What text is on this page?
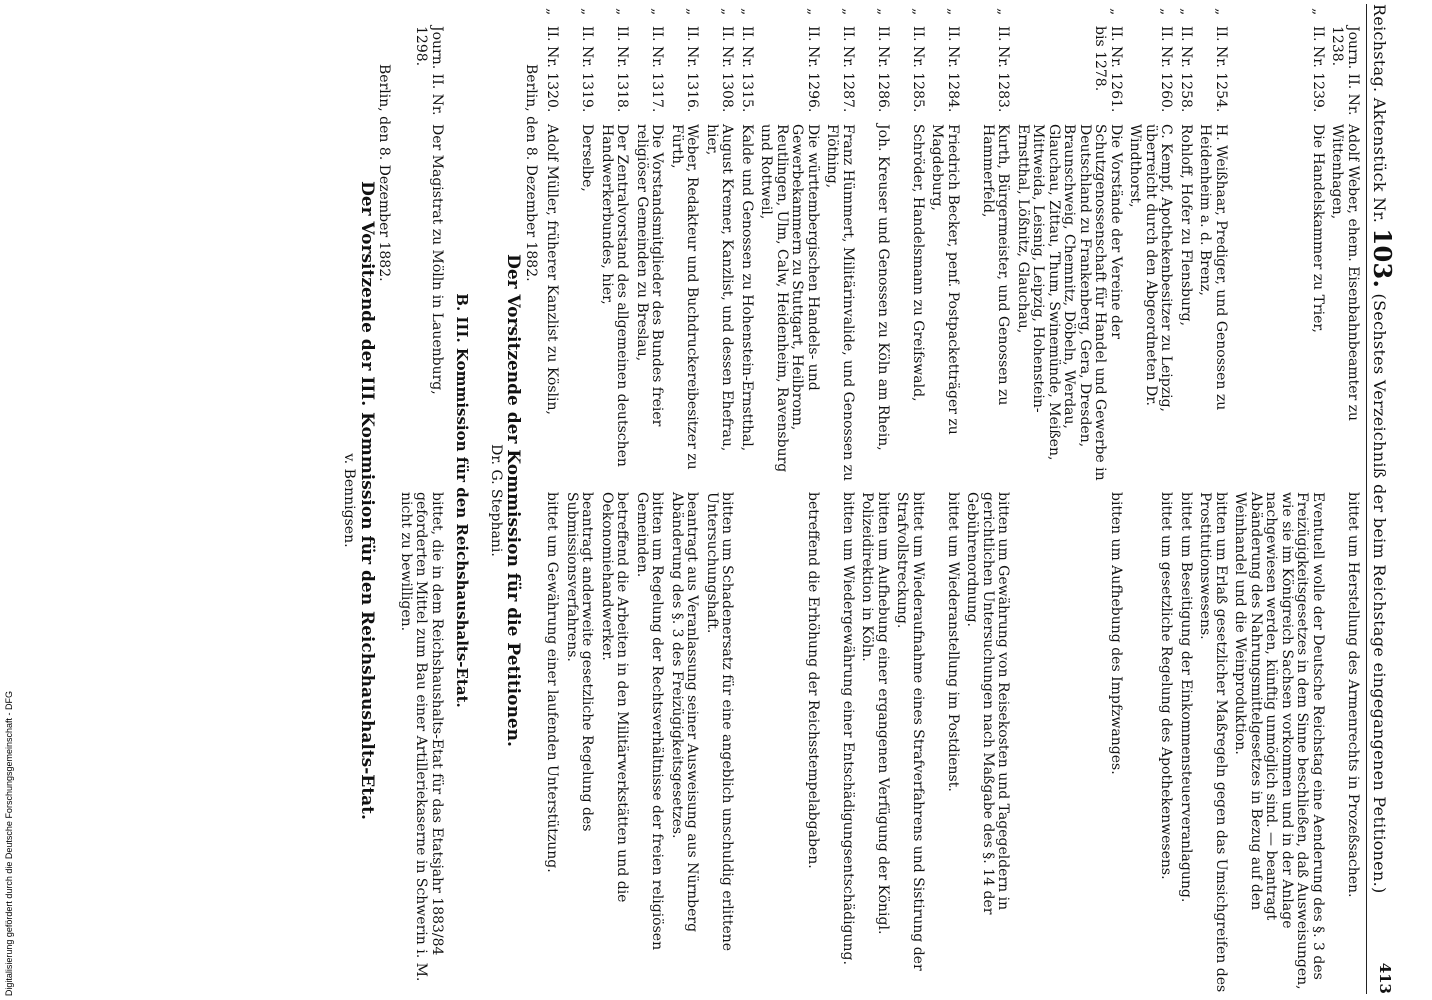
Reichstag. Aktenstück Nr. 103. (Sechstes Verzeichniß der beim Reichstage eingegangenen Petitionen.)
413
Journ. II. Nr. 1238.
Adolf Weber, ehem. Eisenbahnbeamter zu Wittenhagen,
bittet um Herstellung des Armenrechts in Prozeßsachen.
„
II. Nr. 1239.
Die Handelskammer zu Trier,
Eventuell wolle der Deutsche Reichstag eine Aenderung des §. 3 des Freizügigkeitsgesetzes in dem Sinne beschließen, daß Ausweisungen, wie sie im Königreich Sachsen vorkommen und in der Anlage nachgewiesen werden, künftig unmöglich sind. — beantragt Abänderung des Nahrungsmittelgesetzes in Bezug auf den Weinhandel und die Weinproduktion.
„
II. Nr. 1254.
H. Weißhaar, Prediger, und Genossen zu Heidenheim a. d. Brenz,
bitten um Erlaß gesetzlicher Maßregeln gegen das Umsichgreifen des Prostitutionswesens.
„
II. Nr. 1258.
Rohloff, Hofer zu Flensburg,
bittet um Beseitigung der Einkommensteuerveranlagung.
„
II. Nr. 1260.
C. Kempf, Apothekenbesitzer zu Leipzig, überreicht durch den Abgeordneten Dr. Windthorst,
bittet um gesetzliche Regelung des Apothekenwesens.
„
II. Nr. 1261. bis 1278.
Die Vorstände der Vereine der Schutzgenossenschaft für Handel und Gewerbe in Deutschland zu Frankenberg, Gera, Dresden, Braunschweig, Chemnitz, Döbeln, Werdau, Glauchau, Zittau, Thum, Swinemünde, Meißen, Mittweida, Leisnig, Leipzig, Hohenstein-Ernstthal, Lößnitz, Glauchau,
bitten um Aufhebung des Impfzwanges.
„
II. Nr. 1283.
Kurth, Bürgermeister, und Genossen zu Hammerfeld,
bitten um Gewährung von Reisekosten und Tagegeldern in gerichtlichen Untersuchungen nach Maßgabe des §. 14 der Gebührenordnung.
„
II. Nr. 1284.
Friedrich Becker, penf. Postpacketträger zu Magdeburg,
bittet um Wiederanstellung im Postdienst.
„
II. Nr. 1285.
Schröder, Handelsmann zu Greifswald,
bittet um Wiederaufnahme eines Strafverfahrens und Sistirung der Strafvollstreckung.
„
II. Nr. 1286.
Joh. Kreuser und Genossen zu Köln am Rhein,
bitten um Aufhebung einer ergangenen Verfügung der Königl. Polizeidirektion in Köln.
„
II. Nr. 1287.
Franz Hümmert, Militärinvalide, und Genossen zu Flöthing,
bitten um Wiedergewährung einer Entschädigungsentschädigung.
„
II. Nr. 1296.
Die württembergischen Handels- und Gewerbekammern zu Stuttgart, Heilbronn, Reutlingen, Ulm, Calw, Heidenheim, Ravensburg und Rottweil,
betreffend die Erhöhung der Reichsstempelabgaben.
„
II. Nr. 1315.
Kalde und Genossen zu Hohenstein-Ernstthal,
„
II. Nr. 1308.
August Kremer, Kanzlist, und dessen Ehefrau, hier,
bitten um Schadenersatz für eine angeblich unschuldig erlittene Untersuchungshaft.
„
II. Nr. 1316.
Weber, Redakteur und Buchdruckereibesitzer zu Fürth,
beantragt aus Veranlassung seiner Ausweisung aus Nürnberg Abänderung des §. 3 des Freizügigkeitsgesetzes.
„
II. Nr. 1317.
Die Vorstandsmitglieder des Bundes freier religiöser Gemeinden zu Breslau,
bitten um Regelung der Rechtsverhältnisse der freien religiösen Gemeinden.
„
II. Nr. 1318.
Der Zentralvorstand des allgemeinen deutschen Handwerkerbundes, hier,
betreffend die Arbeiten in den Militärwerkstätten und die Oekonomiehandwerker.
„
II. Nr. 1319.
Derselbe,
beantragt anderweite gesetzliche Regelung des Submissionsverfahrens.
„
II. Nr. 1320.
Adolf Müller, früherer Kanzlist zu Köslin,
bittet um Gewährung einer laufenden Unterstützung.
Berlin, den 8. Dezember 1882.
Der Vorsitzende der Kommission für die Petitionen.
Dr. G. Stephani.
B. III. Kommission für den Reichshaushalts-Etat.
Journ. II. Nr. 1298.
Der Magistrat zu Mölln in Lauenburg,
bittet, die in dem Reichshaushalts-Etat für das Etatsjahr 1883/84 geforderten Mittel zum Bau einer Artilleriekaserne in Schwerin i. M. nicht zu bewilligen.
Berlin, den 8. Dezember 1882.
Der Vorsitzende der III. Kommission für den Reichshaushalts-Etat.
v. Bennigsen.
Digitalisierung gefördert durch die Deutsche Forschungsgemeinschaft - DFG
